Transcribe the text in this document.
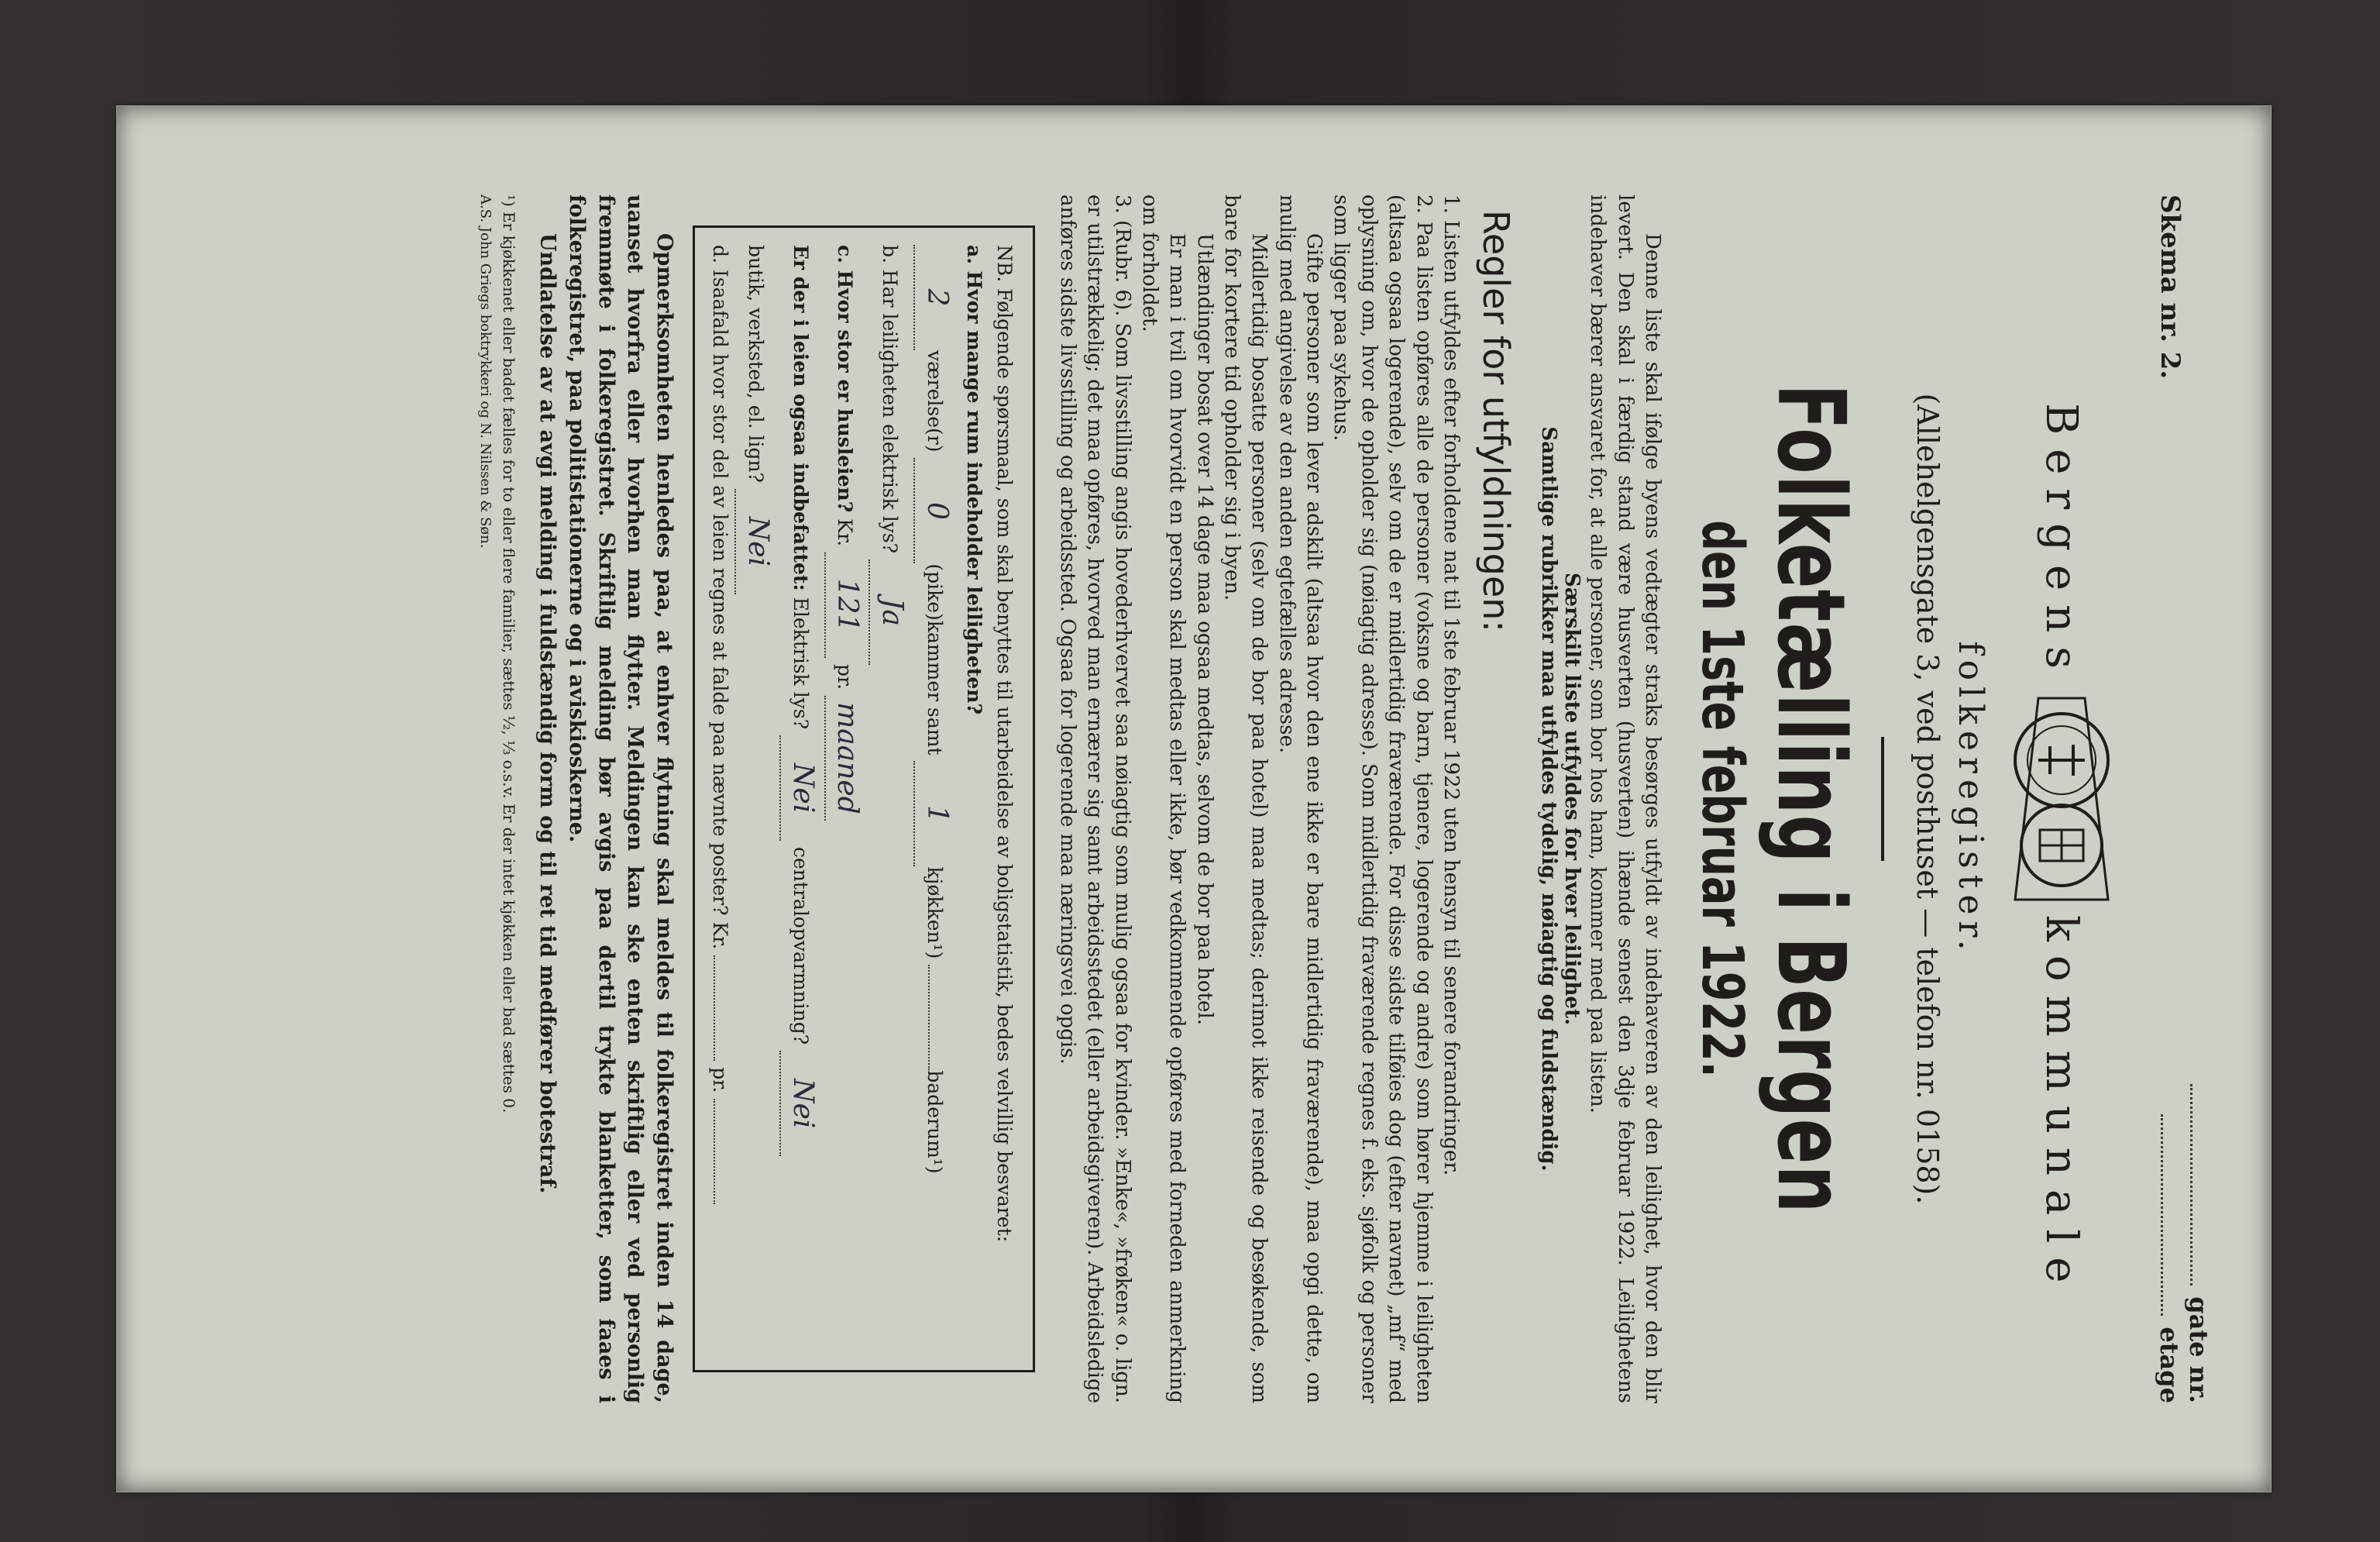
Skema nr. 2.
gate nr.
etage
Bergens
kommunale
folkeregister.
(Allehelgensgate 3, ved posthuset — telefon nr. 0158).
Folketælling i Bergen
den 1ste februar 1922.

Denne liste skal ifølge byens vedtægter straks besørges utfyldt av indehaveren av den leilighet, hvor den blir levert. Den skal i færdig stand være husverten (husverten) ihænde senest den 3dje februar 1922. Leilighetens indehaver bærer ansvaret for, at alle personer, som bor hos ham, kommer med paa listen.

Særskilt liste utfyldes for hver leilighet.
Samtlige rubrikker maa utfyldes tydelig, nøiagtig og fuldstændig.
Regler for utfyldningen:

1. Listen utfyldes efter forholdene nat til 1ste februar 1922 uten hensyn til senere forandringer.

2. Paa listen opføres alle de personer (voksne og barn, tjenere, logerende og andre) som hører hjemme i leiligheten (altsaa ogsaa logerende), selv om de er midlertidig fraværende. For disse sidste tilføies dog (efter navnet) „mf“ med oplysning om, hvor de opholder sig (nøiagtig adresse). Som midlertidig fraværende regnes f. eks. sjøfolk og personer som ligger paa sykehus.

Gifte personer som lever adskilt (altsaa hvor den ene ikke er bare midlertidig fraværende), maa opgi dette, om mulig med angivelse av den anden egtefælles adresse.

Midlertidig bosatte personer (selv om de bor paa hotel) maa medtas; derimot ikke reisende og besøkende, som bare for kortere tid opholder sig i byen.

Utlændinger bosat over 14 dage maa ogsaa medtas, selvom de bor paa hotel.

Er man i tvil om hvorvidt en person skal medtas eller ikke, bør vedkommende opføres med forneden anmerkning om forholdet.

3. (Rubr. 6). Som livsstilling angis hovederhvervet saa nøiagtig som mulig ogsaa for kvinder. »Enke«, »frøken« o. lign. er utilstrækkelig; det maa opføres, hvorved man ernærer sig samt arbeidsstedet (eller arbeidsgiveren). Arbeidsledige anføres sidste livsstilling og arbeidssted. Ogsaa for logerende maa næringsvei opgis.

NB. Følgende spørsmaal, som skal benyttes til utarbeidelse av boligstatistik, bedes velvillig besvaret:
a. Hvor mange rum indeholder leiligheten?
2
værelse(r)

0
(pike)kammer samt

1
kjøkken¹)

baderum¹)
b. Har leiligheten elektrisk lys?

Ja
c. Hvor stor er husleien?

Kr.

121

pr.

maaned
Er der i leien ogsaa indbefattet:

Elektrisk lys?

Nei

centralopvarmning?

Nei
butik, verksted, el. lign?

Nei
d. Isaafald hvor stor del av leien regnes at falde paa nævnte poster?

Kr.

pr.

Opmerksomheten henledes paa, at enhver flytning skal meldes til folkeregistret inden 14 dage, uanset hvorfra eller hvorhen man flytter. Meldingen kan ske enten skriftlig eller ved personlig fremmøte i folkeregistret. Skriftlig melding bør avgis paa dertil trykte blanketter, som faaes i folkeregistret, paa politistationerne og i aviskioskerne.

Undlatelse av at avgi melding i fuldstændig form og til ret tid medfører botestraf.

¹) Er kjøkkenet eller badet fælles for to eller flere familier, sættes ½, ⅓ o.s.v. Er der intet kjøkken eller bad sættes 0.
A.S. John Griegs boktrykkeri og N. Nilssen & Søn.
